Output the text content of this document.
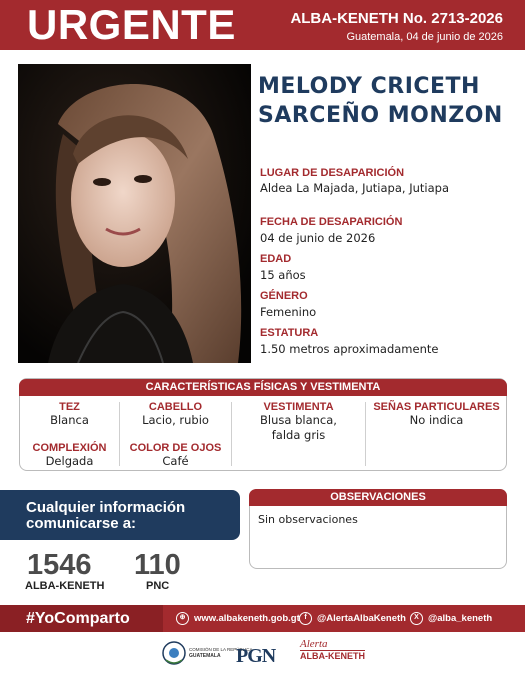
URGENTE	ALBA-KENETH No. 2713-2026
Guatemala, 04 de junio de 2026
MELODY CRICETH
SARCEÑO MONZON
LUGAR DE DESAPARICIÓN
Aldea La Majada, Jutiapa, Jutiapa
FECHA DE DESAPARICIÓN
04 de junio de 2026
EDAD
15 años
GÉNERO
Femenino
ESTATURA
1.50 metros aproximadamente
CARACTERÍSTICAS FÍSICAS Y VESTIMENTA
TEZ
Blanca
CABELLO
Lacio, rubio
VESTIMENTA
Blusa blanca,
falda gris
SEÑAS PARTICULARES
No indica
COMPLEXIÓN
Delgada
COLOR DE OJOS
Café
Cualquier información
comunicarse a:
1546
ALBA-KENETH
110
PNC
OBSERVACIONES
Sin observaciones
#YoComparto	⊕ www.albakeneth.gob.gt f	@AlertaAlbaKeneth	X @alba_keneth
COMISIÓN DE LA REPÚBLICA
GUATEMALA PGN
Alerta
ALBA-KENETH
